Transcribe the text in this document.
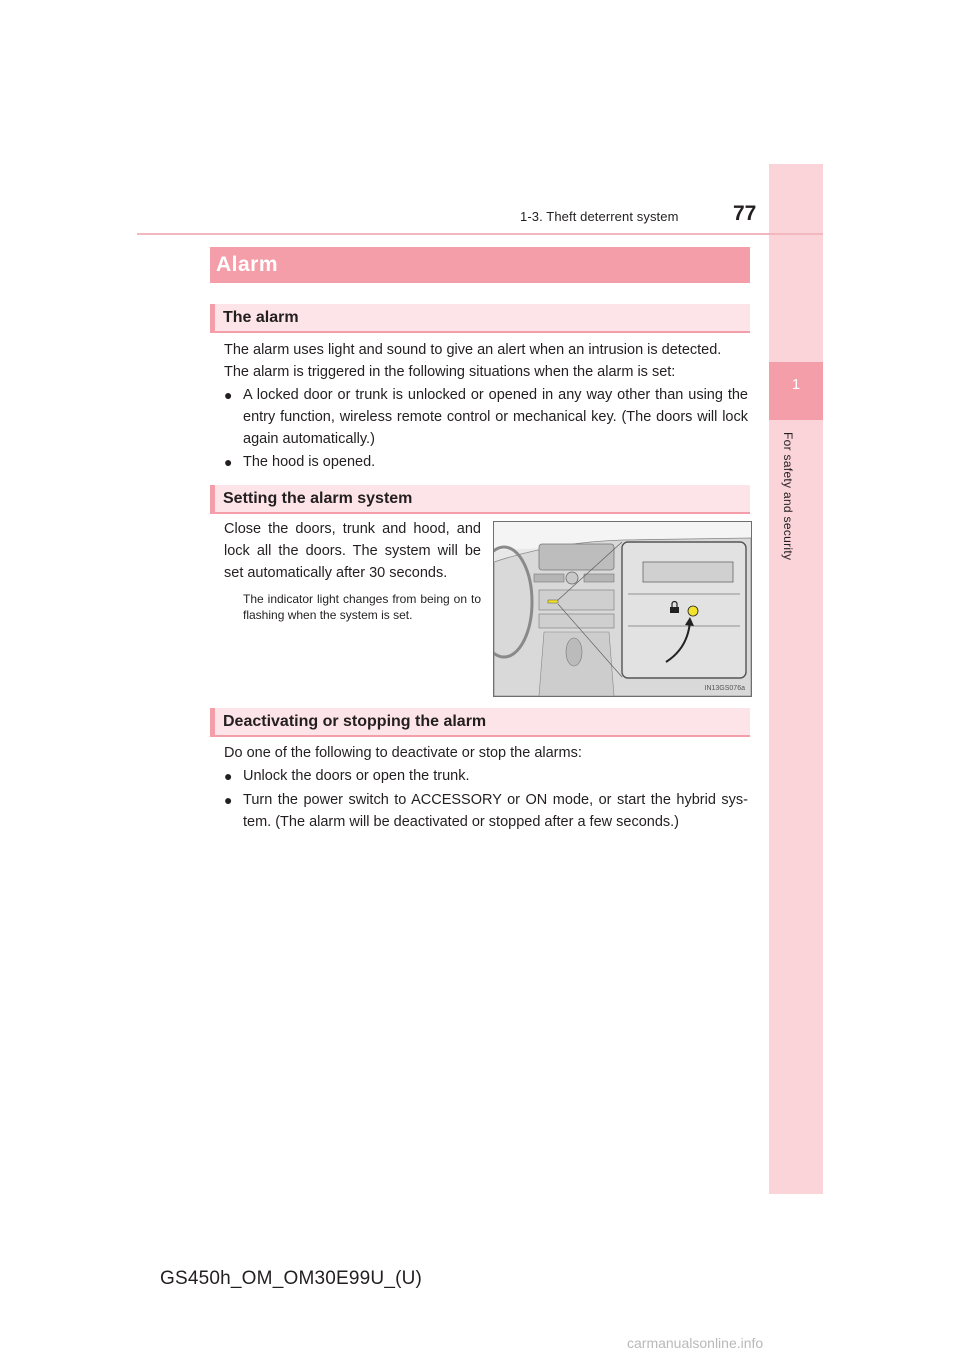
1
For safety and security
1-3. Theft deterrent system	77
Alarm
The alarm
The alarm uses light and sound to give an alert when an intrusion is detected.
The alarm is triggered in the following situations when the alarm is set:
● A locked door or trunk is unlocked or opened in any way other than using the entry function, wireless remote control or mechanical key. (The doors will lock again automatically.)
● The hood is opened.
Setting the alarm system
Close the doors, trunk and hood, and lock all the doors. The system will be set automatically after 30 seconds.
The indicator light changes from being on to flashing when the system is set.
IN13GS076a
Deactivating or stopping the alarm
Do one of the following to deactivate or stop the alarms:
● Unlock the doors or open the trunk.
● Turn the power switch to ACCESSORY or ON mode, or start the hybrid sys-tem. (The alarm will be deactivated or stopped after a few seconds.)
GS450h_OM_OM30E99U_(U)
carmanualsonline.info
